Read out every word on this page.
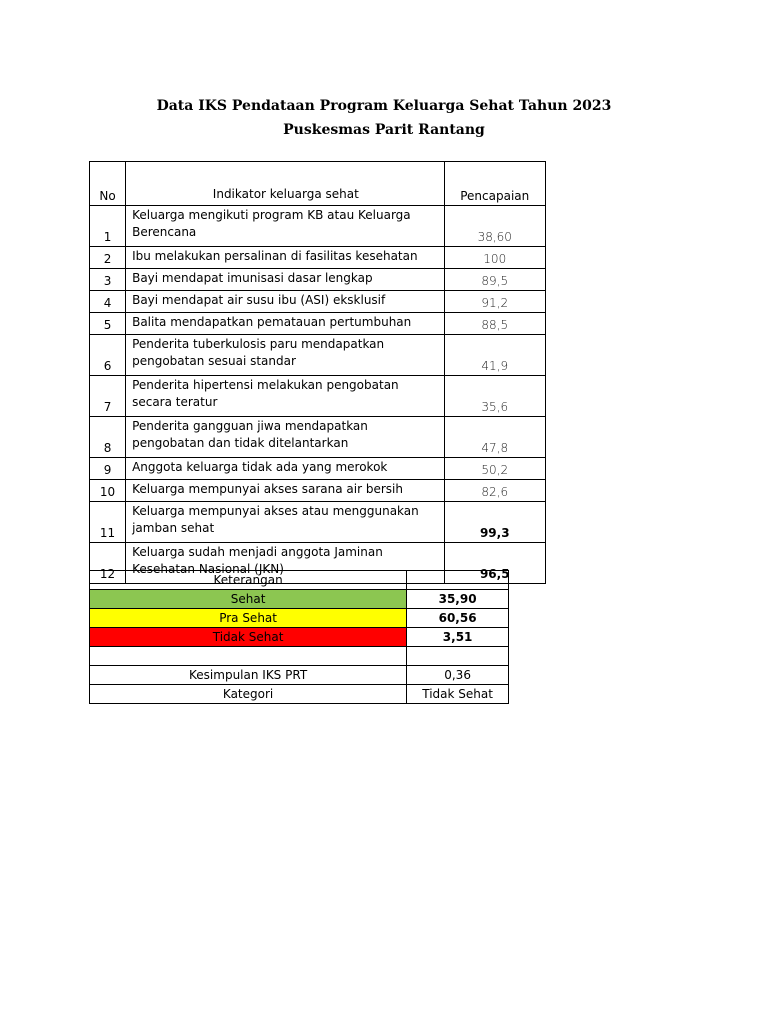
Data IKS Pendataan Program Keluarga Sehat Tahun 2023
Puskesmas Parit Rantang
No	Indikator keluarga sehat	Pencapaian
1	Keluarga mengikuti program KB atau Keluarga Berencana	38,60
2	Ibu melakukan persalinan di fasilitas kesehatan	100
3	Bayi mendapat imunisasi dasar lengkap	89,5
4	Bayi mendapat air susu ibu (ASI) eksklusif	91,2
5	Balita mendapatkan pematauan pertumbuhan	88,5
6	Penderita tuberkulosis paru mendapatkan pengobatan sesuai standar	41,9
7	Penderita hipertensi melakukan pengobatan secara teratur	35,6
8	Penderita gangguan jiwa mendapatkan pengobatan dan tidak ditelantarkan	47,8
9	Anggota keluarga tidak ada yang merokok	50,2
10	Keluarga mempunyai akses sarana air bersih	82,6
11	Keluarga mempunyai akses atau menggunakan jamban sehat	99,3
12	Keluarga sudah menjadi anggota Jaminan Kesehatan Nasional (JKN)	96,5
Keterangan	
Sehat	35,90
Pra Sehat	60,56
Tidak Sehat	3,51

Kesimpulan IKS PRT	0,36
Kategori	Tidak Sehat
